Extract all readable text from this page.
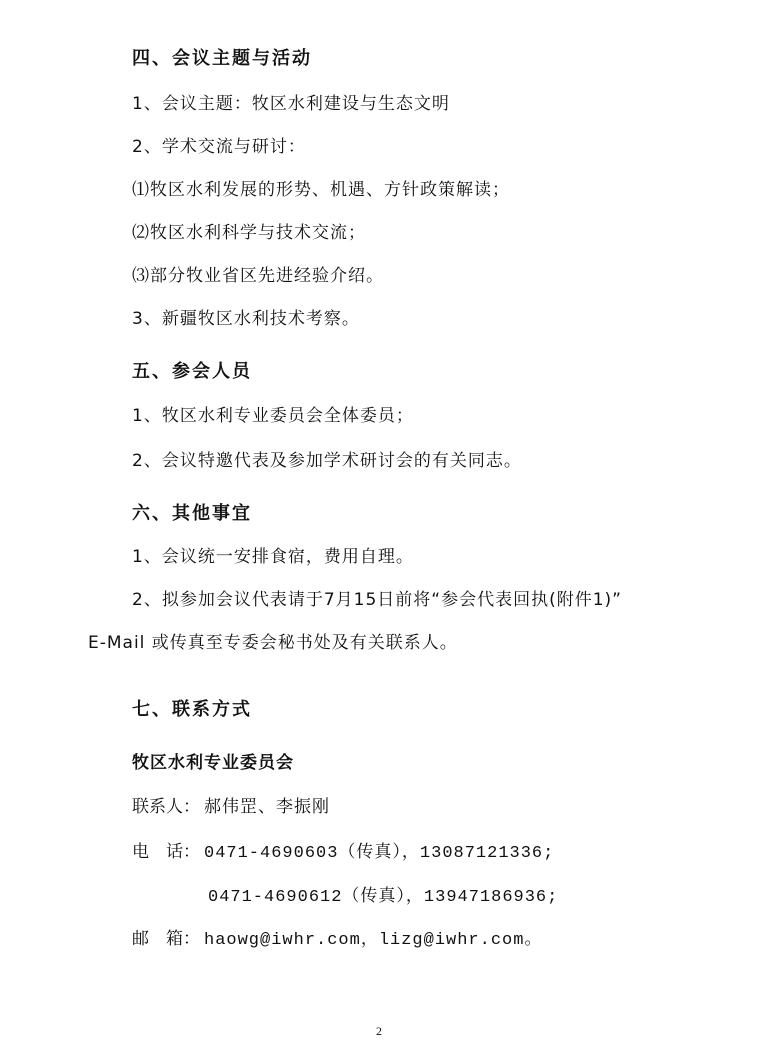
四、会议主题与活动
1、会议主题：牧区水利建设与生态文明
2、学术交流与研讨：
⑴牧区水利发展的形势、机遇、方针政策解读；
⑵牧区水利科学与技术交流；
⑶部分牧业省区先进经验介绍。
3、新疆牧区水利技术考察。
五、参会人员
1、牧区水利专业委员会全体委员；
2、会议特邀代表及参加学术研讨会的有关同志。
六、其他事宜
1、会议统一安排食宿，费用自理。
2、拟参加会议代表请于7月15日前将“参会代表回执(附件1)”
E-Mail 或传真至专委会秘书处及有关联系人。
七、联系方式
牧区水利专业委员会
联系人： 郝伟罡、李振刚
电　话： 0471-4690603（传真），13087121336;
0471-4690612（传真），13947186936;
邮　箱： haowg@iwhr.com，lizg@iwhr.com。
2
